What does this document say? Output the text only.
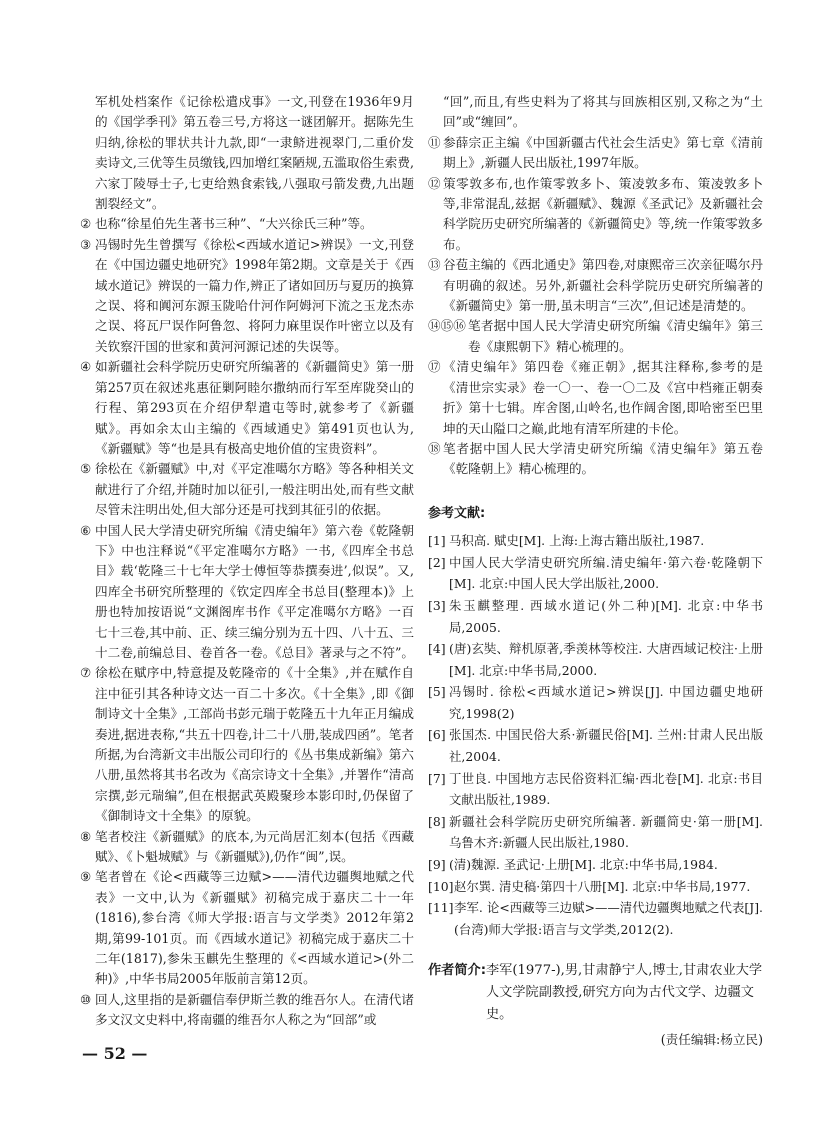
军机处档案作《记徐松遣戍事》一文,刊登在1936年9月的《国学季刊》第五卷三号,方将这一谜团解开。据陈先生归纳,徐松的罪状共计九款,即“一隶鲚进视翠门,二重价发卖诗文,三优等生员缴钱,四加增红案陋规,五滥取俗生索费,六家丁陵辱士子,七吏给熟食索钱,八强取弓箭发费,九出题割裂经文”。

② 也称“徐星伯先生著书三种”、“大兴徐氏三种”等。

③ 冯锡时先生曾撰写《徐松<西域水道记>辨误》一文,刊登在《中国边疆史地研究》1998年第2期。文章是关于《西域水道记》辨误的一篇力作,辨正了诸如回历与夏历的换算之误、将和阗河东源玉陇哈什河作阿姆河下流之玉龙杰赤之误、将瓦尸误作阿鲁忽、将阿力麻里误作叶密立以及有关钦察汗国的世家和黄河河源记述的失误等。

④ 如新疆社会科学院历史研究所编著的《新疆简史》第一册第257页在叙述兆惠征剿阿睦尔撒纳而行军至库陇癸山的行程、第293页在介绍伊犁遣屯等时,就参考了《新疆赋》。再如余太山主编的《西域通史》第491页也认为,《新疆赋》等“也是具有极高史地价值的宝贵资料”。

⑤ 徐松在《新疆赋》中,对《平定准噶尔方略》等各种相关文献进行了介绍,并随时加以征引,一般注明出处,而有些文献尽管未注明出处,但大部分还是可找到其征引的依据。

⑥ 中国人民大学清史研究所编《清史编年》第六卷《乾隆朝下》中也注释说“《平定准噶尔方略》一书,《四库全书总目》载‘乾隆三十七年大学士傅恒等恭撰奏进’,似误”。又,四库全书研究所整理的《钦定四库全书总目(整理本)》上册也特加按语说“文渊阁库书作《平定准噶尔方略》一百七十三卷,其中前、正、续三编分别为五十四、八十五、三十二卷,前编总目、卷首各一卷。《总目》著录与之不符”。

⑦ 徐松在赋序中,特意提及乾隆帝的《十全集》,并在赋作自注中征引其各种诗文达一百二十多次。《十全集》,即《御制诗文十全集》,工部尚书彭元瑞于乾隆五十九年正月编成奏进,据进表称,“共五十四卷,计二十八册,装成四函”。笔者所据,为台湾新文丰出版公司印行的《丛书集成新编》第六八册,虽然将其书名改为《高宗诗文十全集》,并署作“清高宗撰,彭元瑞编”,但在根据武英殿聚珍本影印时,仍保留了《御制诗文十全集》的原貌。

⑧ 笔者校注《新疆赋》的底本,为元尚居汇刻本(包括《西藏赋》、《卜魁城赋》与《新疆赋》),仍作“闽”,误。

⑨ 笔者曾在《论<西藏等三边赋>——清代边疆舆地赋之代表》一文中,认为《新疆赋》初稿完成于嘉庆二十一年(1816),参台湾《师大学报:语言与文学类》2012年第2期,第99-101页。而《西域水道记》初稿完成于嘉庆二十二年(1817),参朱玉麒先生整理的《<西域水道记>(外二种)》,中华书局2005年版前言第12页。

⑩ 回人,这里指的是新疆信奉伊斯兰教的维吾尔人。在清代诸多文汉文史料中,将南疆的维吾尔人称之为“回部”或

“回”,而且,有些史料为了将其与回族相区别,又称之为“土回”或“缠回”。

⑪ 参薛宗正主编《中国新疆古代社会生活史》第七章《清前期上》,新疆人民出版社,1997年版。

⑫ 策零敦多布,也作策零敦多卜、策凌敦多布、策凌敦多卜等,非常混乱,兹据《新疆赋》、魏源《圣武记》及新疆社会科学院历史研究所编著的《新疆简史》等,统一作策零敦多布。

⑬ 谷苞主编的《西北通史》第四卷,对康熙帝三次亲征噶尔丹有明确的叙述。另外,新疆社会科学院历史研究所编著的《新疆简史》第一册,虽未明言“三次”,但记述是清楚的。

⑭⑮⑯ 笔者据中国人民大学清史研究所编《清史编年》第三卷《康熙朝下》精心梳理的。

⑰ 《清史编年》第四卷《雍正朝》,据其注释称,参考的是《清世宗实录》卷一〇一、卷一〇二及《宫中档雍正朝奏折》第十七辑。库舍图,山岭名,也作阔舍图,即哈密至巴里坤的天山隘口之巅,此地有清军所建的卡伦。

⑱ 笔者据中国人民大学清史研究所编《清史编年》第五卷《乾隆朝上》精心梳理的。

参考文献:

[1] 马积高. 赋史[M]. 上海:上海古籍出版社,1987.

[2] 中国人民大学清史研究所编.清史编年·第六卷·乾隆朝下[M]. 北京:中国人民大学出版社,2000.

[3] 朱玉麒整理. 西域水道记(外二种)[M]. 北京:中华书局,2005.

[4] (唐)玄奘、辩机原著,季羡林等校注. 大唐西域记校注·上册[M]. 北京:中华书局,2000.

[5] 冯锡时. 徐松<西域水道记>辨误[J]. 中国边疆史地研究,1998(2)

[6] 张国杰. 中国民俗大系·新疆民俗[M]. 兰州:甘肃人民出版社,2004.

[7] 丁世良. 中国地方志民俗资料汇编·西北卷[M]. 北京:书目文献出版社,1989.

[8] 新疆社会科学院历史研究所编著. 新疆简史·第一册[M]. 乌鲁木齐:新疆人民出版社,1980.

[9] (清)魏源. 圣武记·上册[M]. 北京:中华书局,1984.

[10] 赵尔巽. 清史稿·第四十八册[M]. 北京:中华书局,1977.

[11] 李军. 论<西藏等三边赋>——清代边疆舆地赋之代表[J].(台湾)师大学报:语言与文学类,2012(2).

作者简介: 李军(1977-),男,甘肃静宁人,博士,甘肃农业大学人文学院副教授,研究方向为古代文学、边疆文史。
(责任编辑:杨立民)
— 52 —
